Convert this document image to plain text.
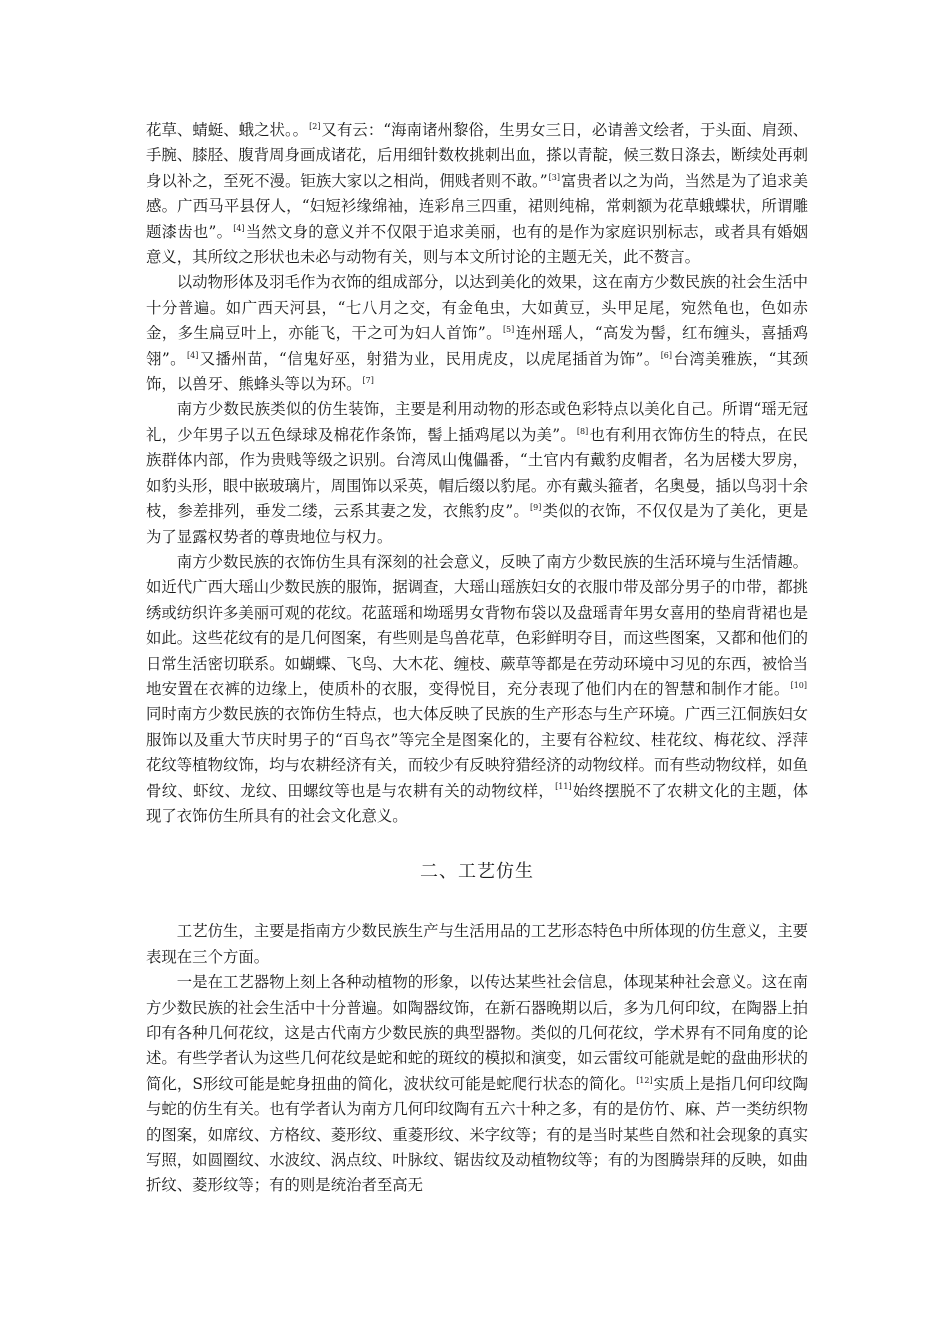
花草、蜻蜓、蛾之状。。[2]又有云：“海南诸州黎俗，生男女三日，必请善文绘者，于头面、肩颈、手腕、膝胫、腹背周身画成诸花，后用细针数枚挑刺出血，搽以青靛，候三数日涤去，断续处再刺身以补之，至死不漫。钜族大家以之相尚，佣贱者则不敢。”[3]富贵者以之为尚，当然是为了追求美感。广西马平县伢人，“妇短衫缘绵袖，连彩帛三四重，裙则纯棉，常刺额为花草蛾蝶状，所谓雕题漆齿也”。[4]当然文身的意义并不仅限于追求美丽，也有的是作为家庭识别标志，或者具有婚姻意义，其所纹之形状也未必与动物有关，则与本文所讨论的主题无关，此不赘言。

以动物形体及羽毛作为衣饰的组成部分，以达到美化的效果，这在南方少数民族的社会生活中十分普遍。如广西天河县，“七八月之交，有金龟虫，大如黄豆，头甲足尾，宛然龟也，色如赤金，多生扁豆叶上，亦能飞，干之可为妇人首饰”。[5]连州瑶人，“高发为髻，红布缠头，喜插鸡翎”。[4]又播州苗，“信鬼好巫，射猎为业，民用虎皮，以虎尾插首为饰”。[6]台湾美雅族，“其颈饰，以兽牙、熊蜂头等以为环。[7]

南方少数民族类似的仿生装饰，主要是利用动物的形态或色彩特点以美化自己。所谓“瑶无冠礼，少年男子以五色绿球及棉花作条饰，髻上插鸡尾以为美”。[8]也有利用衣饰仿生的特点，在民族群体内部，作为贵贱等级之识别。台湾凤山傀儡番，“土官内有戴豹皮帽者，名为居楼大罗房，如豹头形，眼中嵌玻璃片，周围饰以采英，帽后缀以豹尾。亦有戴头箍者，名奥曼，插以鸟羽十余枝，参差排列，垂发二缕，云系其妻之发，衣熊豹皮”。[9]类似的衣饰，不仅仅是为了美化，更是为了显露权势者的尊贵地位与权力。

南方少数民族的衣饰仿生具有深刻的社会意义，反映了南方少数民族的生活环境与生活情趣。如近代广西大瑶山少数民族的服饰，据调查，大瑶山瑶族妇女的衣服巾带及部分男子的巾带，都挑绣或纺织许多美丽可观的花纹。花蓝瑶和坳瑶男女背物布袋以及盘瑶青年男女喜用的垫肩背裙也是如此。这些花纹有的是几何图案，有些则是鸟兽花草，色彩鲜明夺目，而这些图案，又都和他们的日常生活密切联系。如蝴蝶、飞鸟、大木花、缠枝、蕨草等都是在劳动环境中习见的东西，被恰当地安置在衣裤的边缘上，使质朴的衣服，变得悦目，充分表现了他们内在的智慧和制作才能。[10]同时南方少数民族的衣饰仿生特点，也大体反映了民族的生产形态与生产环境。广西三江侗族妇女服饰以及重大节庆时男子的“百鸟衣”等完全是图案化的，主要有谷粒纹、桂花纹、梅花纹、浮萍花纹等植物纹饰，均与农耕经济有关，而较少有反映狩猎经济的动物纹样。而有些动物纹样，如鱼骨纹、虾纹、龙纹、田螺纹等也是与农耕有关的动物纹样，[11]始终摆脱不了农耕文化的主题，体现了衣饰仿生所具有的社会文化意义。

二、工艺仿生

工艺仿生，主要是指南方少数民族生产与生活用品的工艺形态特色中所体现的仿生意义，主要表现在三个方面。

一是在工艺器物上刻上各种动植物的形象，以传达某些社会信息，体现某种社会意义。这在南方少数民族的社会生活中十分普遍。如陶器纹饰，在新石器晚期以后，多为几何印纹，在陶器上拍印有各种几何花纹，这是古代南方少数民族的典型器物。类似的几何花纹，学术界有不同角度的论述。有些学者认为这些几何花纹是蛇和蛇的斑纹的模拟和演变，如云雷纹可能就是蛇的盘曲形状的简化，S形纹可能是蛇身扭曲的简化，波状纹可能是蛇爬行状态的简化。[12]实质上是指几何印纹陶与蛇的仿生有关。也有学者认为南方几何印纹陶有五六十种之多，有的是仿竹、麻、芦一类纺织物的图案，如席纹、方格纹、菱形纹、重菱形纹、米字纹等；有的是当时某些自然和社会现象的真实写照，如圆圈纹、水波纹、涡点纹、叶脉纹、锯齿纹及动植物纹等；有的为图腾崇拜的反映，如曲折纹、菱形纹等；有的则是统治者至高无
